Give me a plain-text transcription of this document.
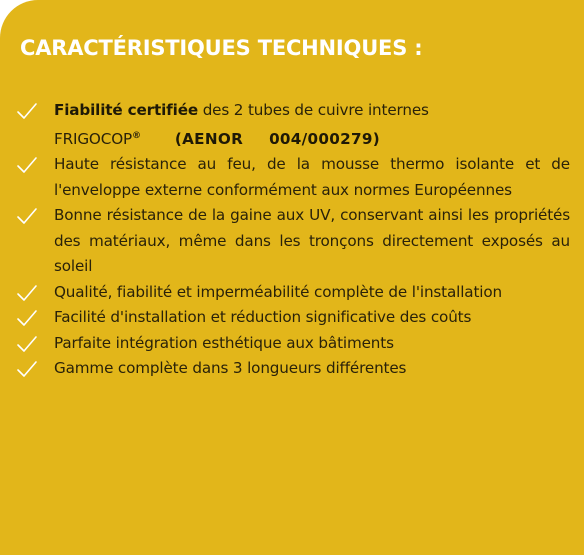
CARACTÉRISTIQUES TECHNIQUES :
Fiabilité certifiée des 2 tubes de cuivre internes
FRIGOCOP® (AENOR 004/000279)
Haute résistance au feu, de la mousse thermo isolante et de l'enveloppe externe conformément aux normes Européennes
Bonne résistance de la gaine aux UV, conservant ainsi les propriétés des matériaux, même dans les tronçons directement exposés au soleil
Qualité, fiabilité et imperméabilité complète de l'installation
Facilité d'installation et réduction significative des coûts
Parfaite intégration esthétique aux bâtiments
Gamme complète dans 3 longueurs différentes
